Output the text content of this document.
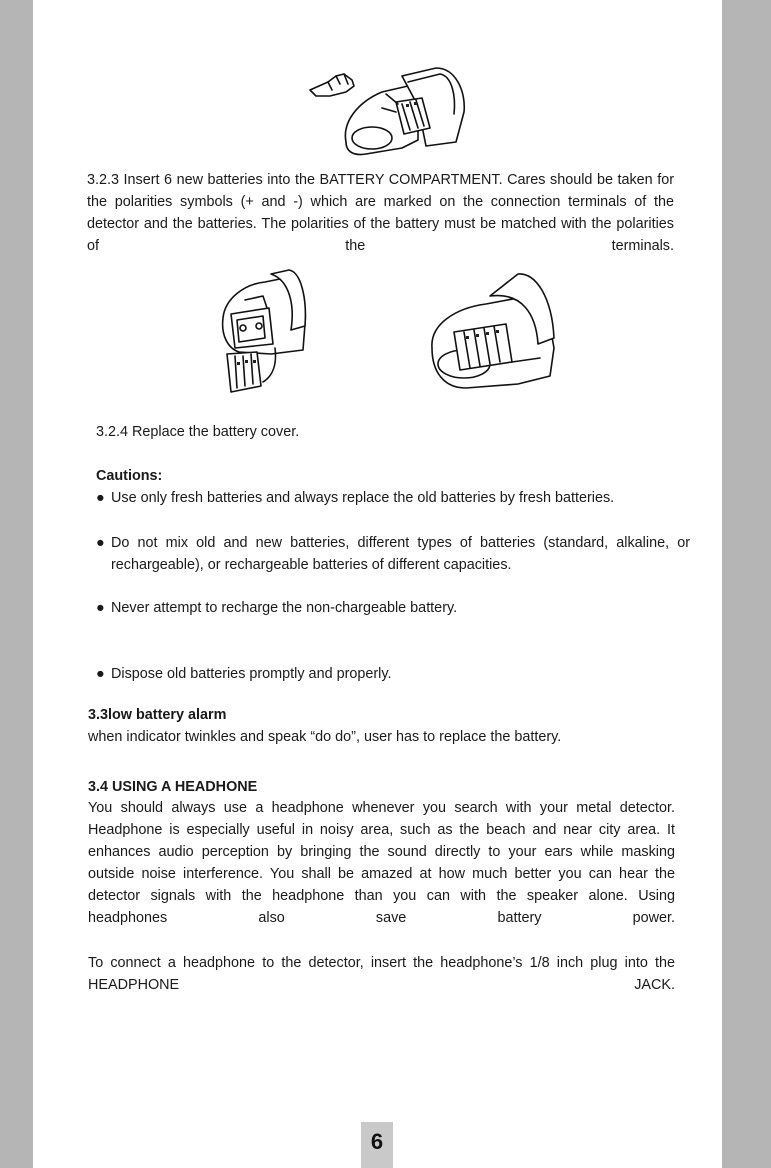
3.2.3 Insert 6 new batteries into the BATTERY COMPARTMENT. Cares should be taken for the polarities symbols (+ and -) which are marked on the connection terminals of the detector and the batteries. The polarities of the battery must be matched with the polarities of the terminals.

3.2.4 Replace the battery cover.

Cautions:

● Use only fresh batteries and always replace the old batteries by fresh batteries.
● Do not mix old and new batteries, different types of batteries (standard, alkaline, or rechargeable), or rechargeable batteries of different capacities.
● Never attempt to recharge the non-chargeable battery.
● Dispose old batteries promptly and properly.

3.3low battery alarm

when indicator twinkles and speak “do do”, user has to replace the battery.

3.4 USING A HEADHONE

You should always use a headphone whenever you search with your metal detector. Headphone is especially useful in noisy area, such as the beach and near city area. It enhances audio perception by bringing the sound directly to your ears while masking outside noise interference. You shall be amazed at how much better you can hear the detector signals with the headphone than you can with the speaker alone. Using headphones also save battery power.

To connect a headphone to the detector, insert the headphone’s 1/8 inch plug into the HEADPHONE JACK.

6
